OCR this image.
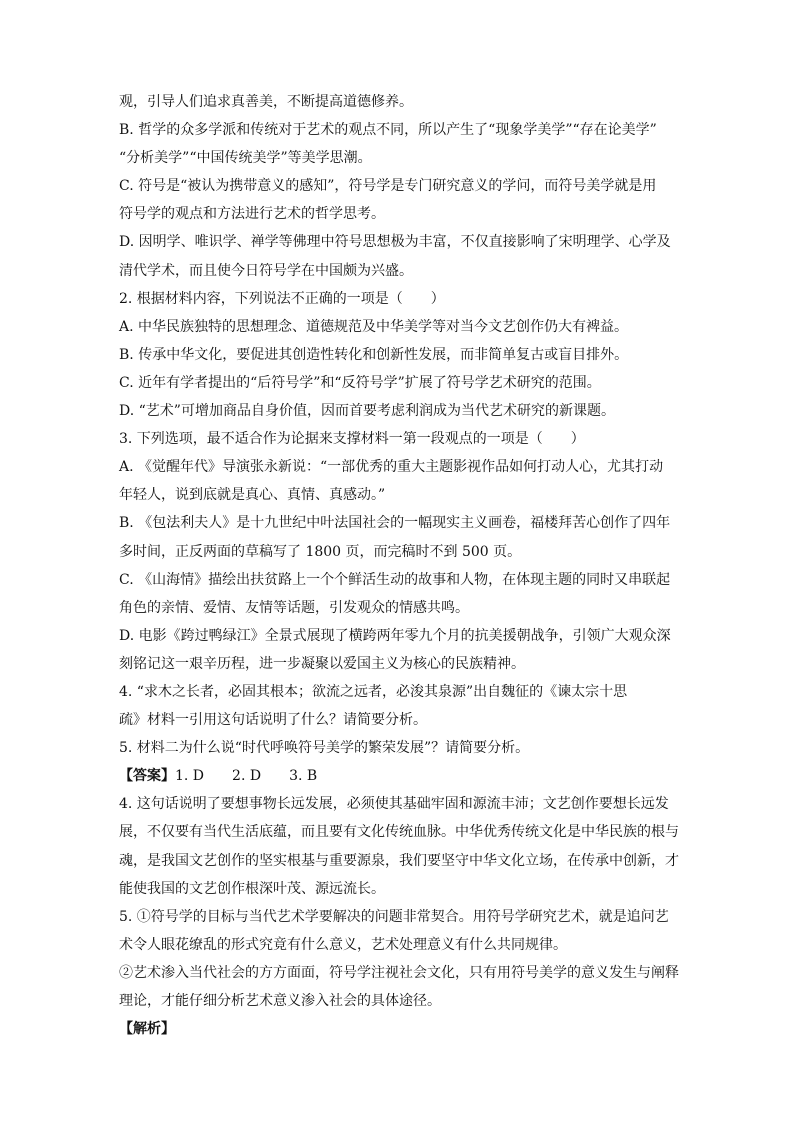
观，引导人们追求真善美，不断提高道德修养。
B. 哲学的众多学派和传统对于艺术的观点不同，所以产生了“现象学美学”“存在论美学”
“分析美学”“中国传统美学”等美学思潮。
C. 符号是“被认为携带意义的感知”，符号学是专门研究意义的学问，而符号美学就是用
符号学的观点和方法进行艺术的哲学思考。
D. 因明学、唯识学、禅学等佛理中符号思想极为丰富，不仅直接影响了宋明理学、心学及
清代学术，而且使今日符号学在中国颇为兴盛。
2. 根据材料内容，下列说法不正确的一项是（　　）
A. 中华民族独特的思想理念、道德规范及中华美学等对当今文艺创作仍大有裨益。
B. 传承中华文化，要促进其创造性转化和创新性发展，而非简单复古或盲目排外。
C. 近年有学者提出的“后符号学”和“反符号学”扩展了符号学艺术研究的范围。
D. “艺术”可增加商品自身价值，因而首要考虑利润成为当代艺术研究的新课题。
3. 下列选项，最不适合作为论据来支撑材料一第一段观点的一项是（　　）
A. 《觉醒年代》导演张永新说：“一部优秀的重大主题影视作品如何打动人心，尤其打动
年轻人，说到底就是真心、真情、真感动。”
B. 《包法利夫人》是十九世纪中叶法国社会的一幅现实主义画卷，福楼拜苦心创作了四年
多时间，正反两面的草稿写了 1800 页，而完稿时不到 500 页。
C. 《山海情》描绘出扶贫路上一个个鲜活生动的故事和人物，在体现主题的同时又串联起
角色的亲情、爱情、友情等话题，引发观众的情感共鸣。
D. 电影《跨过鸭绿江》全景式展现了横跨两年零九个月的抗美援朝战争，引领广大观众深
刻铭记这一艰辛历程，进一步凝聚以爱国主义为核心的民族精神。
4. “求木之长者，必固其根本；欲流之远者，必浚其泉源”出自魏征的《谏太宗十思
疏》材料一引用这句话说明了什么？请简要分析。
5. 材料二为什么说“时代呼唤符号美学的繁荣发展”？请简要分析。
【答案】1. D　　2. D　　3. B
4. 这句话说明了要想事物长远发展，必须使其基础牢固和源流丰沛；文艺创作要想长远发
展，不仅要有当代生活底蕴，而且要有文化传统血脉。中华优秀传统文化是中华民族的根与
魂，是我国文艺创作的坚实根基与重要源泉，我们要坚守中华文化立场，在传承中创新，才
能使我国的文艺创作根深叶茂、源远流长。
5. ①符号学的目标与当代艺术学要解决的问题非常契合。用符号学研究艺术，就是追问艺
术令人眼花缭乱的形式究竟有什么意义，艺术处理意义有什么共同规律。
②艺术渗入当代社会的方方面面，符号学注视社会文化，只有用符号美学的意义发生与阐释
理论，才能仔细分析艺术意义渗入社会的具体途径。
【解析】
